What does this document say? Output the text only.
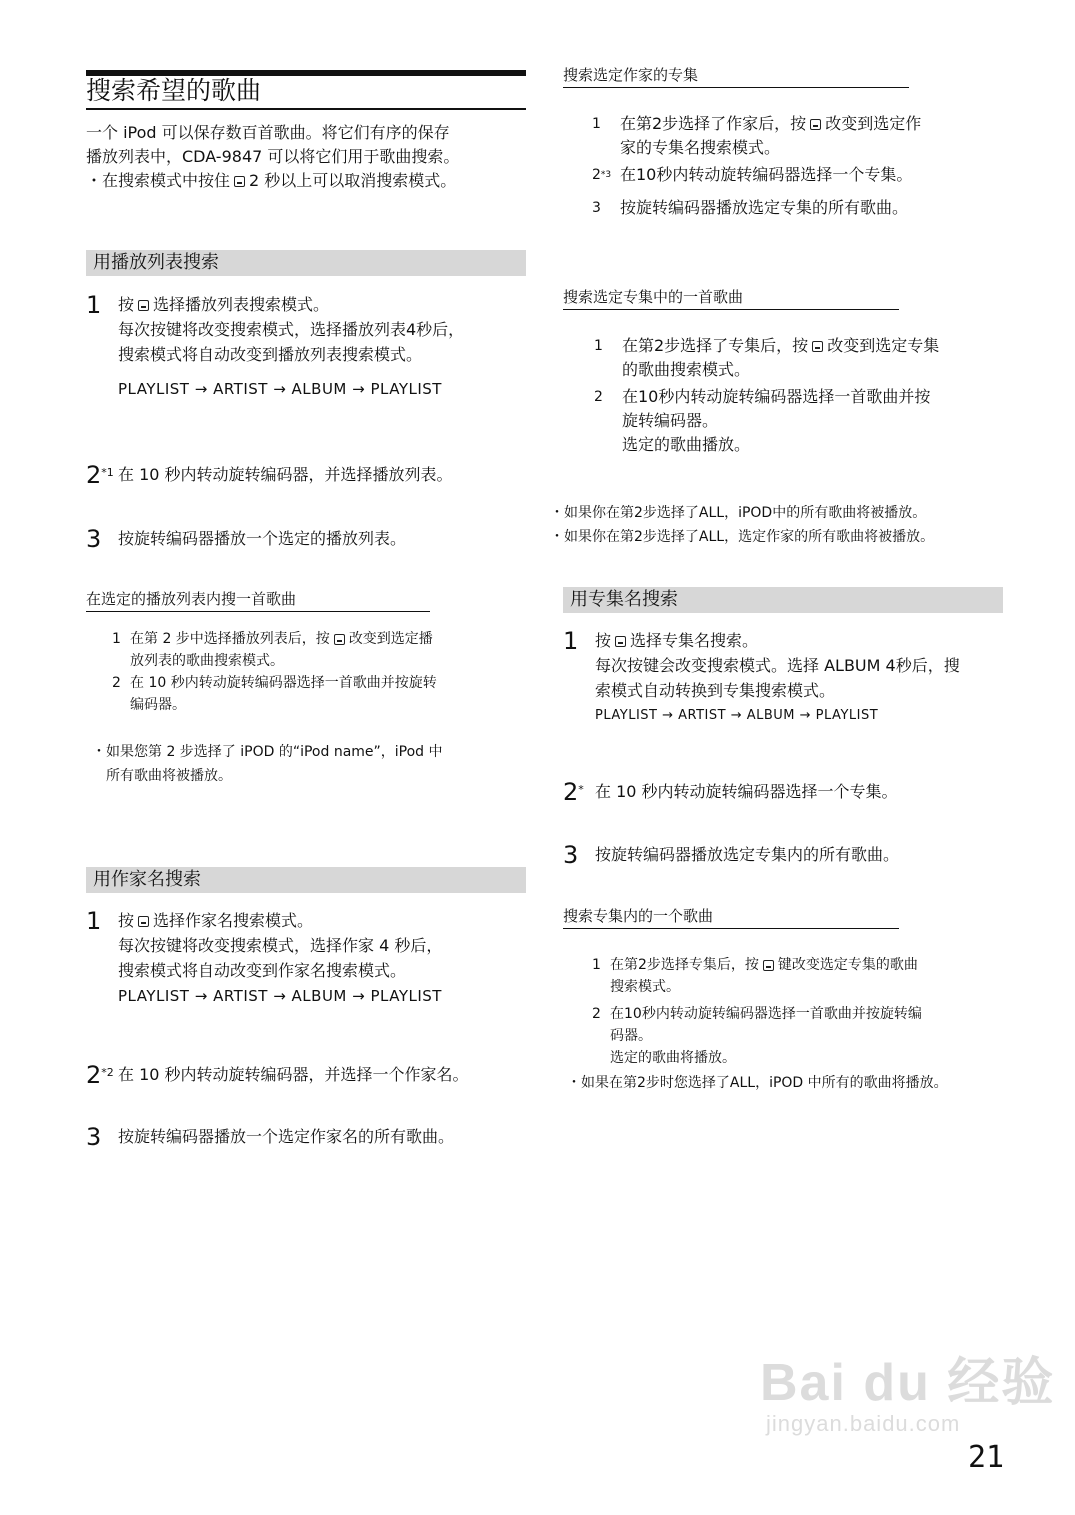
搜索希望的歌曲
一个 iPod 可以保存数百首歌曲。将它们有序的保存
播放列表中，CDA-9847 可以将它们用于歌曲搜索。
・在搜索模式中按住 2 秒以上可以取消搜索模式。
用播放列表搜索
1	按 选择播放列表搜索模式。
每次按键将改变搜索模式，选择播放列表4秒后，
搜索模式将自动改变到播放列表搜索模式。
PLAYLIST → ARTIST → ALBUM → PLAYLIST
2$^{*1}$ 在 10 秒内转动旋转编码器，并选择播放列表。
3	按旋转编码器播放一个选定的播放列表。
在选定的播放列表内搜一首歌曲
1 在第 2 步中选择播放列表后，按 改变到选定播
放列表的歌曲搜索模式。
2 在 10 秒内转动旋转编码器选择一首歌曲并按旋转
编码器。
・如果您第 2 步选择了 iPOD 的“iPod name”，iPod 中
所有歌曲将被播放。
用作家名搜索
1	按 选择作家名搜索模式。
每次按键将改变搜索模式，选择作家 4 秒后，
搜索模式将自动改变到作家名搜索模式。
PLAYLIST → ARTIST → ALBUM → PLAYLIST
2$^{*2}$ 在 10 秒内转动旋转编码器，并选择一个作家名。
3	按旋转编码器播放一个选定作家名的所有歌曲。
搜索选定作家的专集
1	在第2步选择了作家后，按 改变到选定作
家的专集名搜索模式。
2$^{*3}$ 在10秒内转动旋转编码器选择一个专集。
3	按旋转编码器播放选定专集的所有歌曲。
搜索选定专集中的一首歌曲
1	在第2步选择了专集后，按 改变到选定专集
的歌曲搜索模式。
2	在10秒内转动旋转编码器选择一首歌曲并按
旋转编码器。
选定的歌曲播放。
・如果你在第2步选择了ALL，iPOD中的所有歌曲将被播放。
・如果你在第2步选择了ALL，选定作家的所有歌曲将被播放。
用专集名搜索
1	按 选择专集名搜索。
每次按键会改变搜索模式。选择 ALBUM 4秒后，搜
索模式自动转换到专集搜索模式。
PLAYLIST → ARTIST → ALBUM → PLAYLIST
2* 在 10 秒内转动旋转编码器选择一个专集。
3	按旋转编码器播放选定专集内的所有歌曲。
搜索专集内的一个歌曲
1 在第2步选择专集后，按 键改变选定专集的歌曲
搜索模式。
2 在10秒内转动旋转编码器选择一首歌曲并按旋转编
码器。
选定的歌曲将播放。
・如果在第2步时您选择了ALL，iPOD 中所有的歌曲将播放。
Bai du 经验
jingyan.baidu.com
21
